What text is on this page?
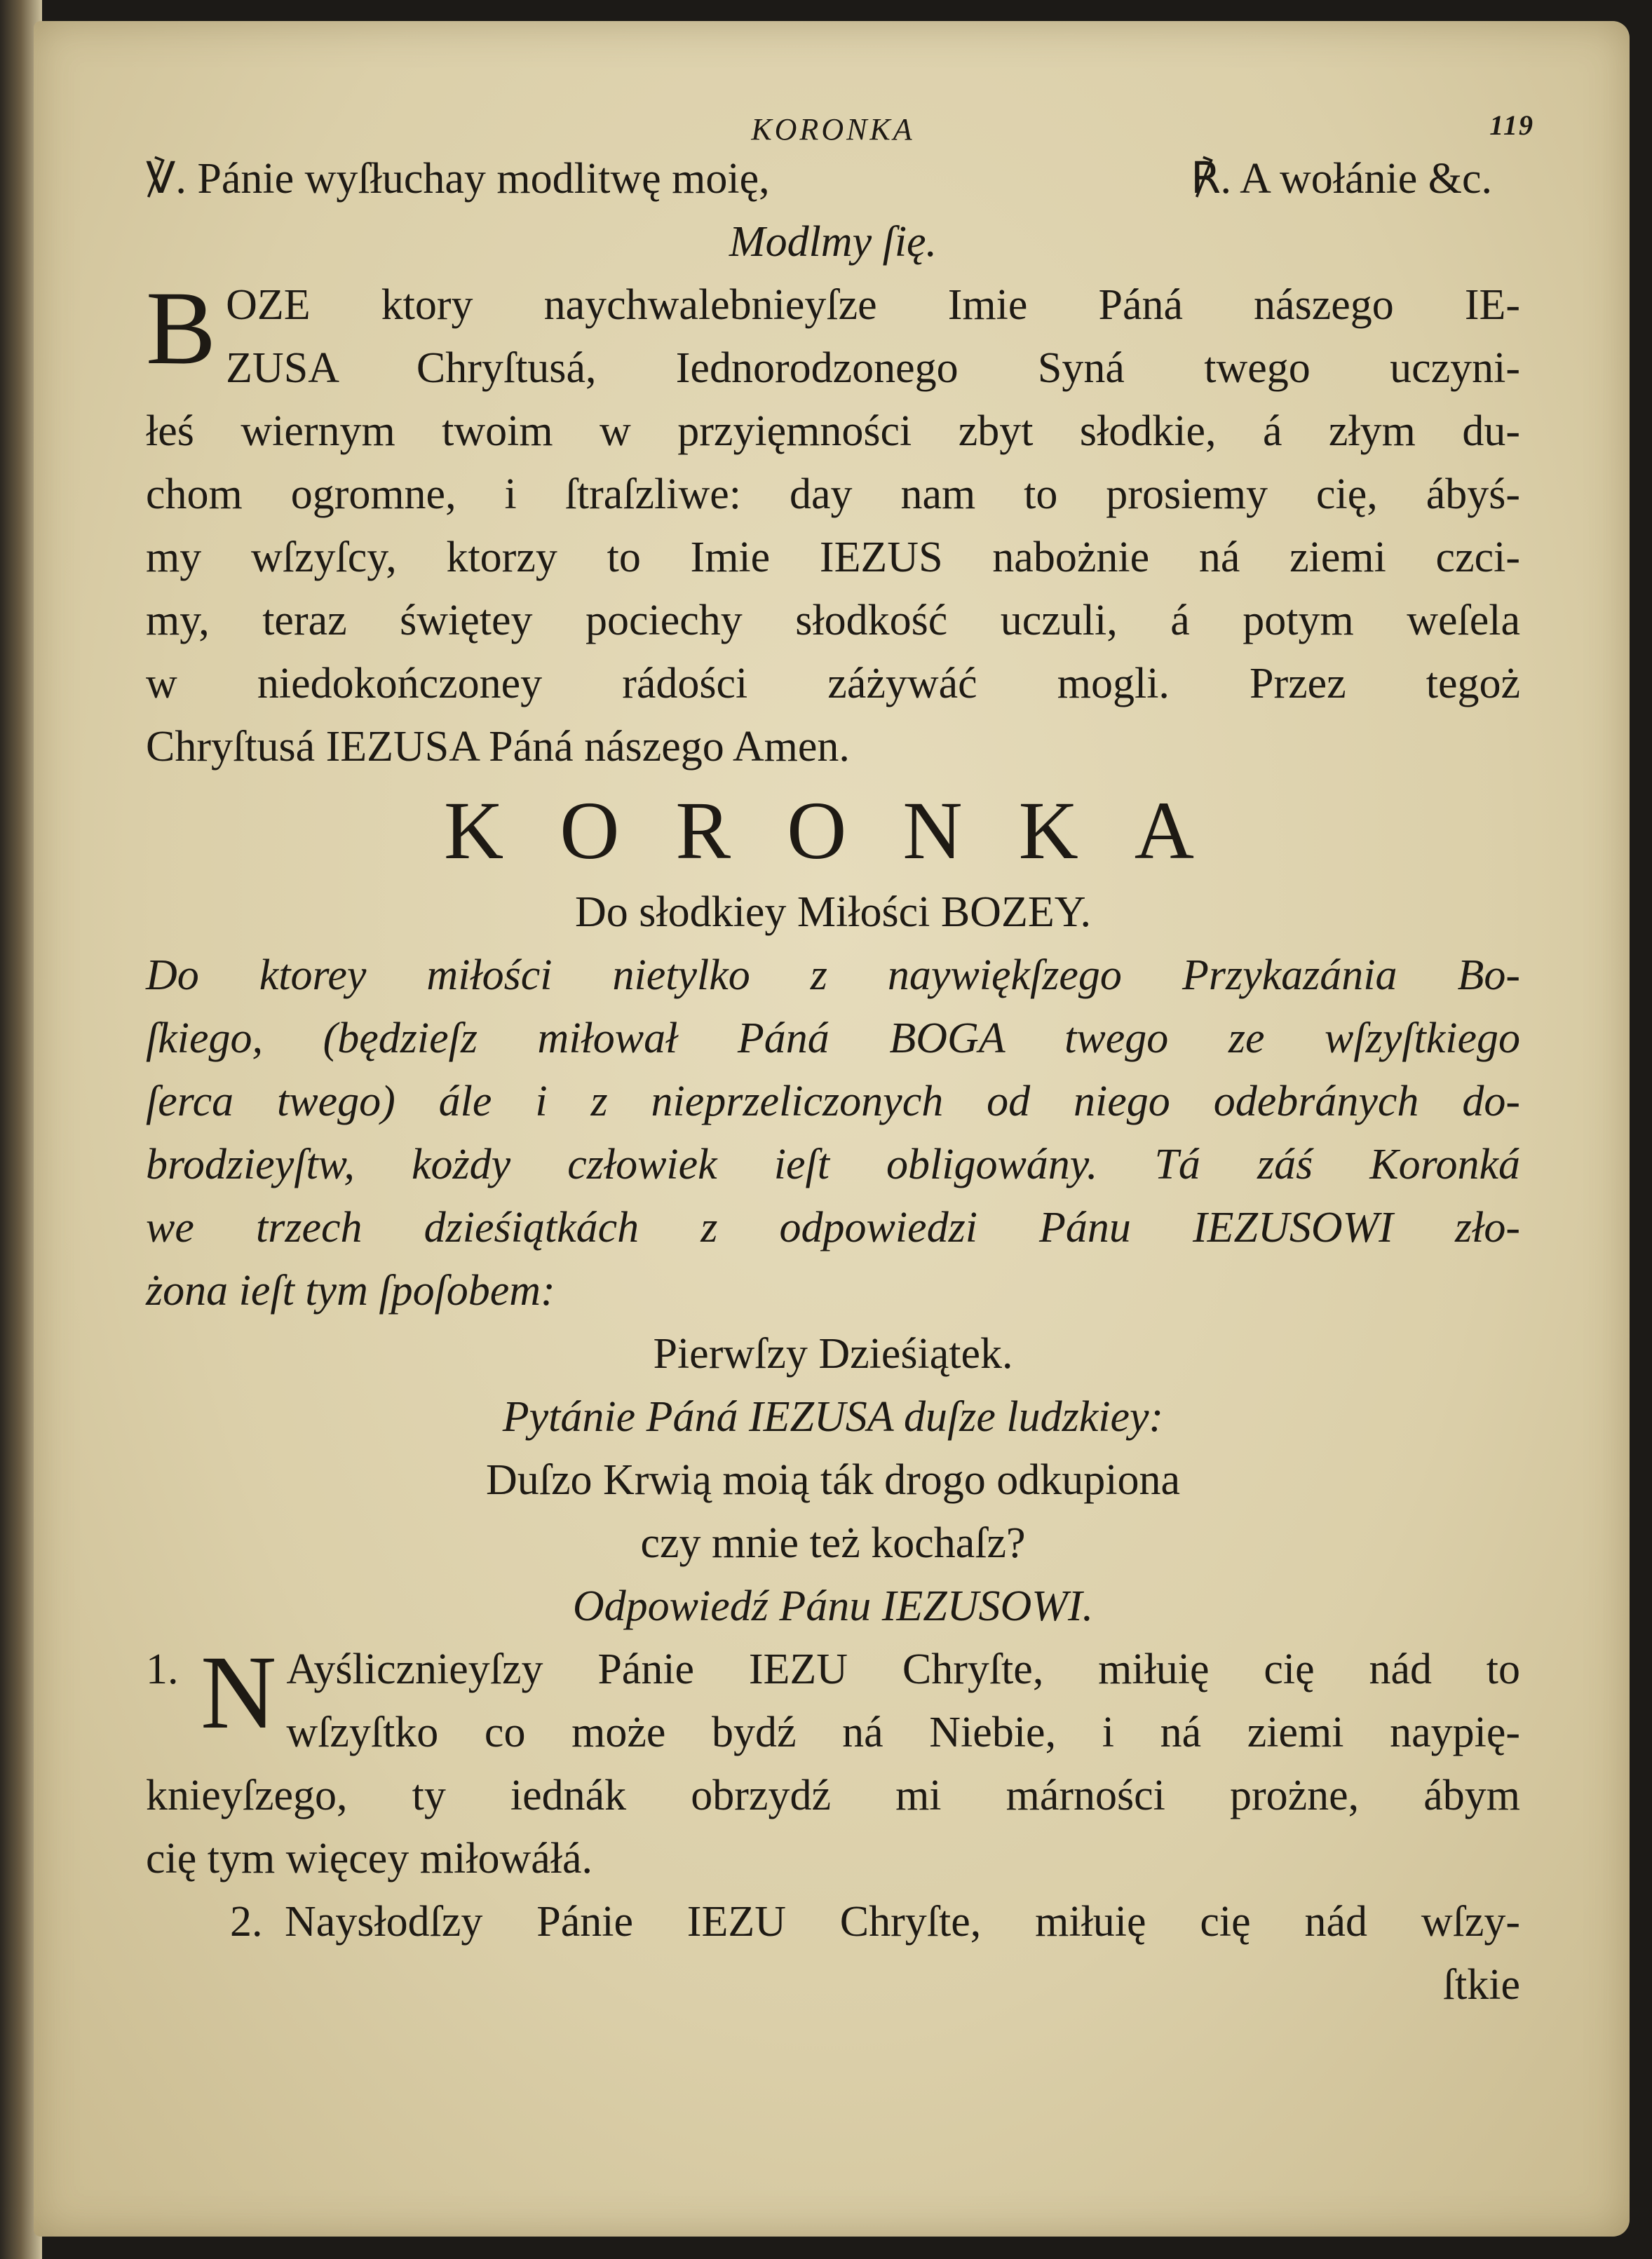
KORONKA	119
℣. Pánie wyſłuchay modlitwę moię,	℟. A wołánie &c.
Modlmy ſię.
B OZE ktory naychwalebnieyſze Imie Páná nászego IE-
ZUSA Chryſtusá, Iednorodzonego Syná twego uczyni-
łeś wiernym twoim w przyięmności zbyt słodkie, á złym du-
chom ogromne, i ſtraſzliwe: day nam to prosiemy cię, ábyś-
my wſzyſcy, ktorzy to Imie IEZUS nabożnie ná ziemi czci-
my, teraz świętey pociechy słodkość uczuli, á potym weſela
w niedokończoney rádości záżywáć mogli. Przez tegoż
Chryſtusá IEZUSA Páná nászego Amen.
KORONKA
Do słodkiey Miłości BOZEY.
Do ktorey miłości nietylko z naywiękſzego Przykazánia Bo-
ſkiego, (będzieſz miłował Páná BOGA twego ze wſzyſtkiego
ſerca twego) ále i z nieprzeliczonych od niego odebránych do-
brodzieyſtw, kożdy człowiek ieſt obligowány. Tá záś Koronká
we trzech dzieśiątkách z odpowiedzi Pánu IEZUSOWI zło-
żona ieſt tym ſpoſobem:
Pierwſzy Dzieśiątek.
Pytánie Páná IEZUSA duſze ludzkiey:
Duſzo Krwią moią ták drogo odkupiona
czy mnie też kochaſz?
Odpowiedź Pánu IEZUSOWI.
1. N Ayślicznieyſzy Pánie IEZU Chryſte, miłuię cię nád to
wſzyſtko co może bydź ná Niebie, i ná ziemi naypię-
knieyſzego, ty iednák obrzydź mi márności prożne, ábym
cię tym więcey miłowáłá.
2. Naysłodſzy Pánie IEZU Chryſte, miłuię cię nád wſzy-
ſtkie
